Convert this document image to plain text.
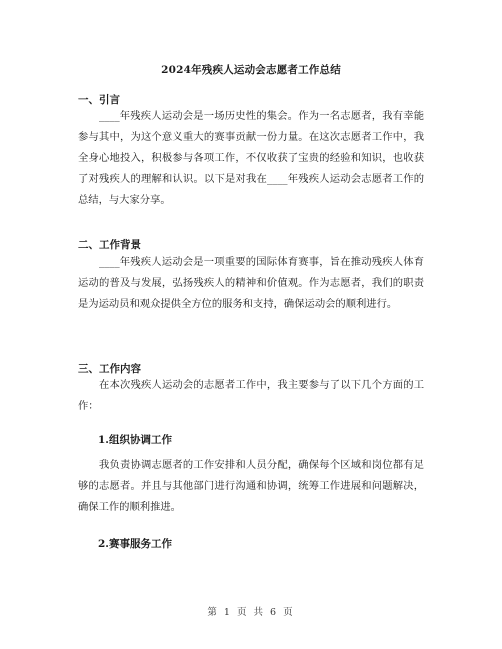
2024年残疾人运动会志愿者工作总结
一、引言

____年残疾人运动会是一场历史性的集会。作为一名志愿者，我有幸能参与其中，为这个意义重大的赛事贡献一份力量。在这次志愿者工作中，我全身心地投入，积极参与各项工作，不仅收获了宝贵的经验和知识，也收获了对残疾人的理解和认识。以下是对我在____年残疾人运动会志愿者工作的总结，与大家分享。

二、工作背景

____年残疾人运动会是一项重要的国际体育赛事，旨在推动残疾人体育运动的普及与发展，弘扬残疾人的精神和价值观。作为志愿者，我们的职责是为运动员和观众提供全方位的服务和支持，确保运动会的顺利进行。

三、工作内容

在本次残疾人运动会的志愿者工作中，我主要参与了以下几个方面的工作：

1.组织协调工作

我负责协调志愿者的工作安排和人员分配，确保每个区域和岗位都有足够的志愿者。并且与其他部门进行沟通和协调，统筹工作进展和问题解决，确保工作的顺利推进。

2.赛事服务工作
第 1 页 共 6 页
